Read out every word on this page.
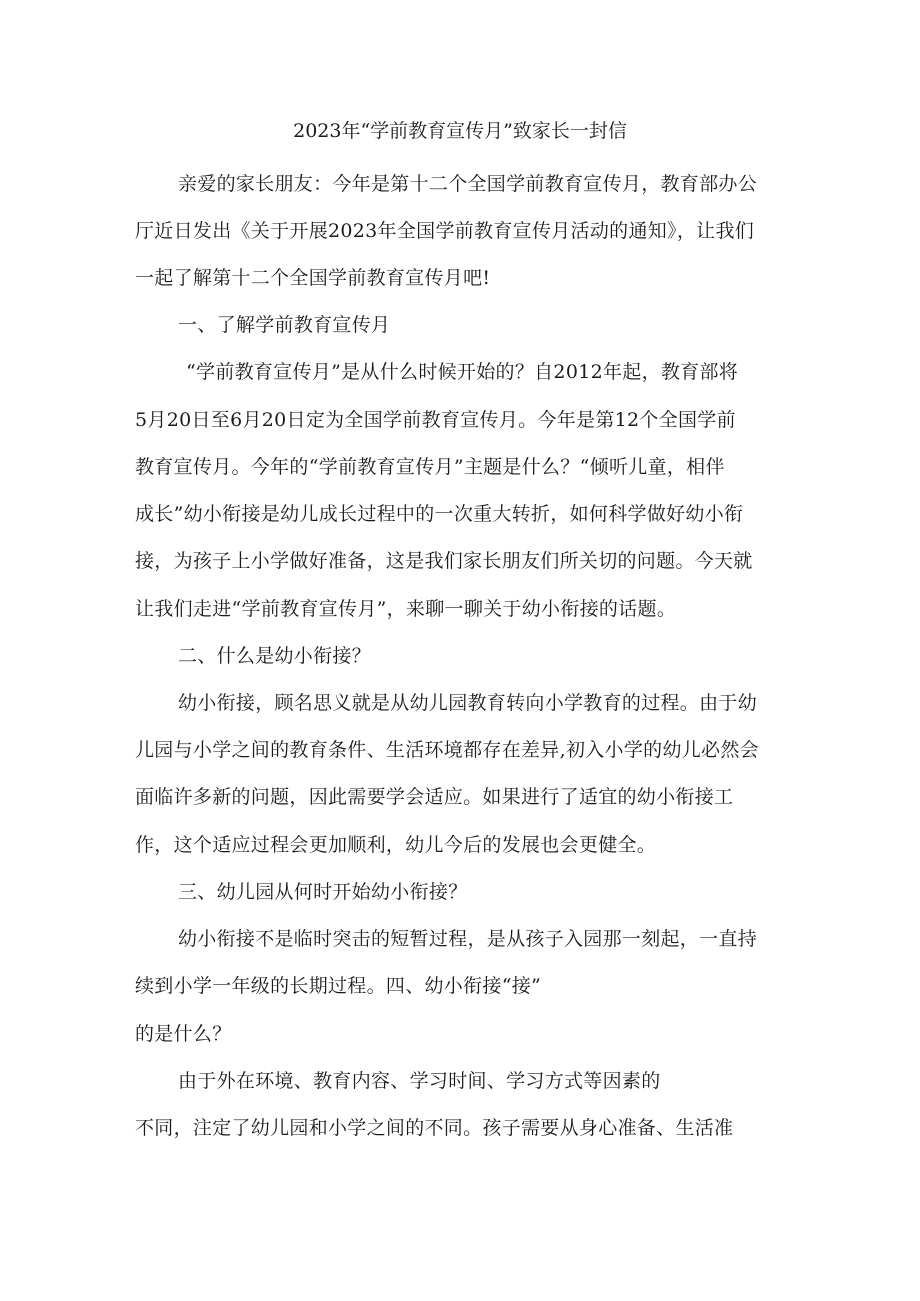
2023年“学前教育宣传月”致家长一封信
亲爱的家长朋友：今年是第十二个全国学前教育宣传月，教育部办公
厅近日发出《关于开展2023年全国学前教育宣传月活动的通知》，让我们
一起了解第十二个全国学前教育宣传月吧!
一、了解学前教育宣传月
“学前教育宣传月”是从什么时候开始的？自2012年起，教育部将
5月20日至6月20日定为全国学前教育宣传月。今年是第12个全国学前
教育宣传月。今年的“学前教育宣传月”主题是什么？“倾听儿童，相伴
成长”幼小衔接是幼儿成长过程中的一次重大转折，如何科学做好幼小衔
接，为孩子上小学做好准备，这是我们家长朋友们所关切的问题。今天就
让我们走进“学前教育宣传月”，来聊一聊关于幼小衔接的话题。
二、什么是幼小衔接？
幼小衔接，顾名思义就是从幼儿园教育转向小学教育的过程。由于幼
儿园与小学之间的教育条件、生活环境都存在差异,初入小学的幼儿必然会
面临许多新的问题，因此需要学会适应。如果进行了适宜的幼小衔接工
作，这个适应过程会更加顺利，幼儿今后的发展也会更健全。
三、幼儿园从何时开始幼小衔接？
幼小衔接不是临时突击的短暂过程，是从孩子入园那一刻起，一直持
续到小学一年级的长期过程。四、幼小衔接“接”
的是什么？
由于外在环境、教育内容、学习时间、学习方式等因素的
不同，注定了幼儿园和小学之间的不同。孩子需要从身心准备、生活准
